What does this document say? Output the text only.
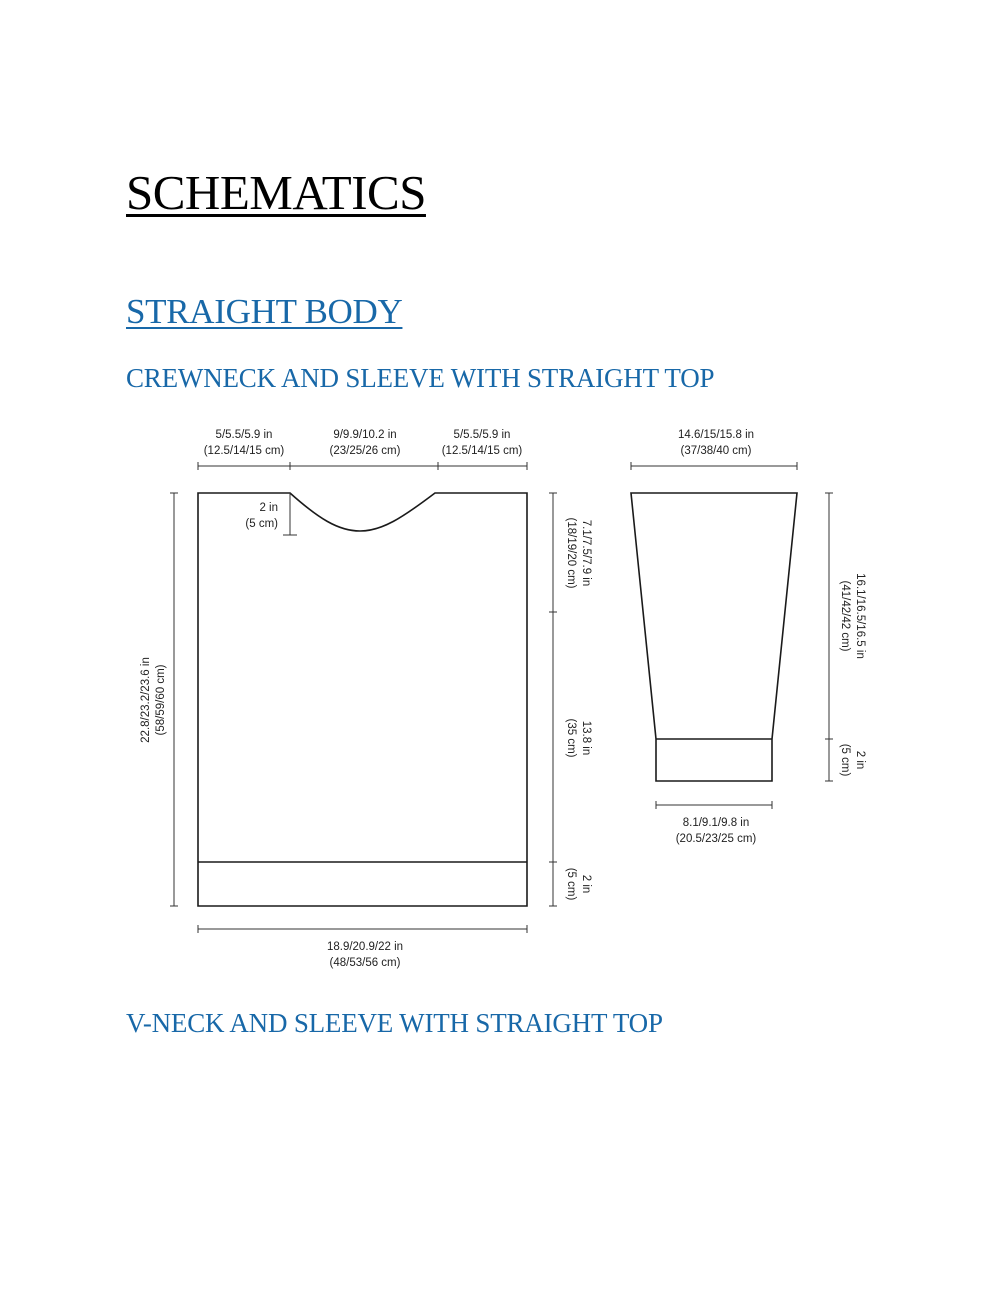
SCHEMATICS
STRAIGHT BODY
CREWNECK AND SLEEVE WITH STRAIGHT TOP
V-NECK AND SLEEVE WITH STRAIGHT TOP
5/5.5/5.9 in
(12.5/14/15 cm)
9/9.9/10.2 in
(23/25/26 cm)
5/5.5/5.9 in
(12.5/14/15 cm)
2 in
(5 cm)
22.8/23.2/23.6 in (58/59/60 cm)
7.1/7.5/7.9 in
(18/19/20 cm)
13.8 in
(35 cm)
2 in
(5 cm)
18.9/20.9/22 in
(48/53/56 cm)
14.6/15/15.8 in
(37/38/40 cm)
16.1/16.5/16.5 in
(41/42/42 cm)
2 in
(5 cm)
8.1/9.1/9.8 in
(20.5/23/25 cm)
